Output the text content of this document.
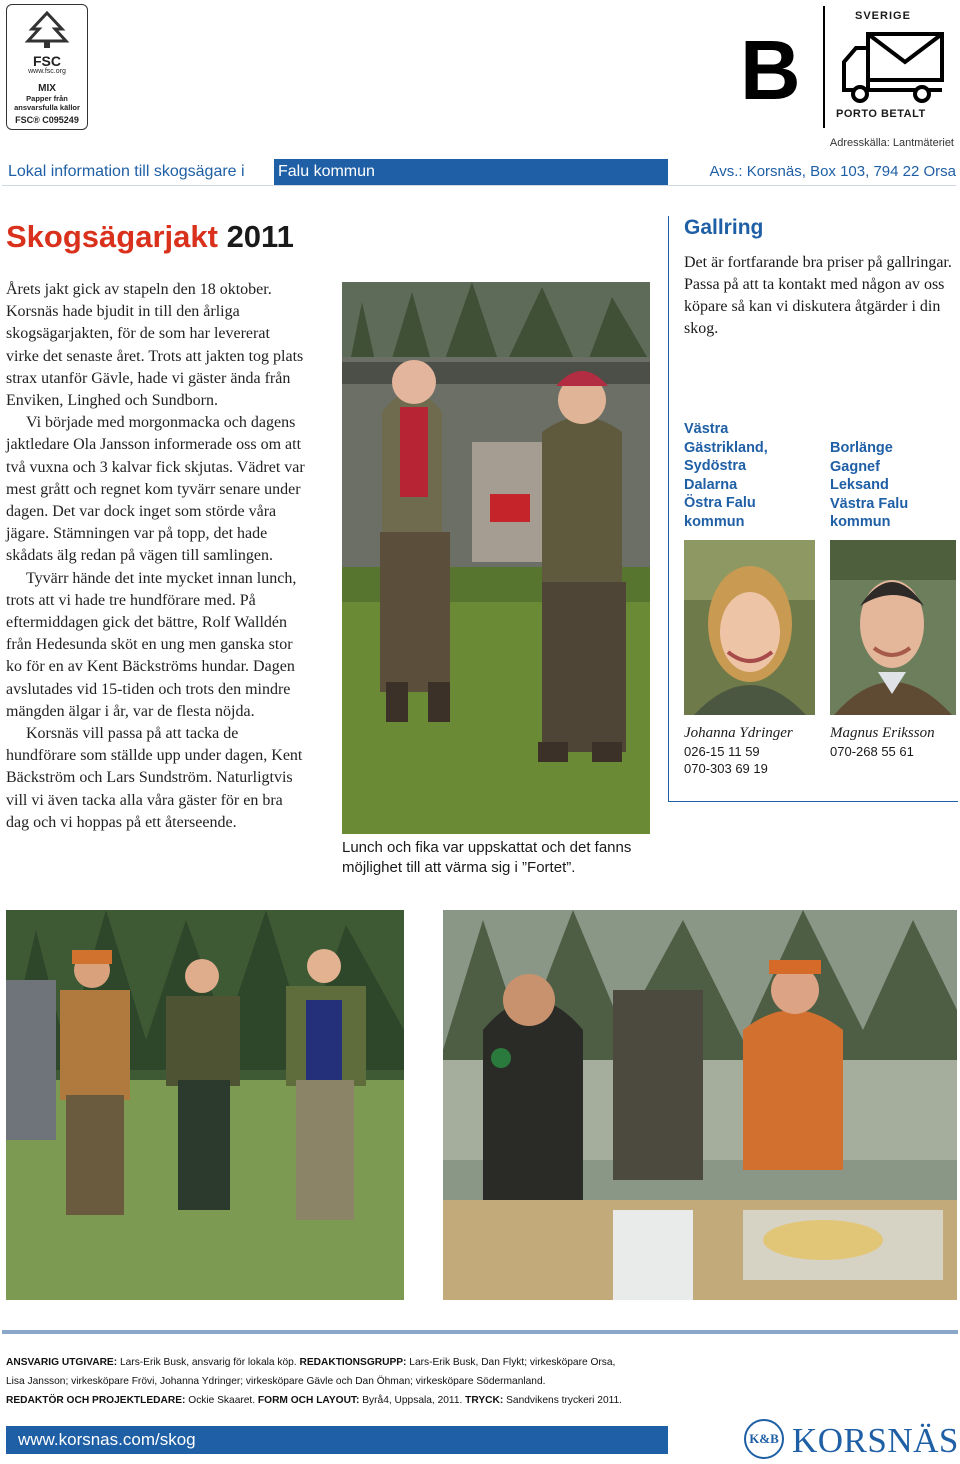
FSC
www.fsc.org
MIX
Papper från
ansvarsfulla källor
FSC® C095249
B
SVERIGE
PORTO BETALT
Adresskälla: Lantmäteriet
Lokal information till skogsägare i Falu kommun	Avs.: Korsnäs, Box 103, 794 22 Orsa
Skogsägarjakt 2011

Årets jakt gick av stapeln den 18 oktober. Korsnäs hade bjudit in till den årliga skogsägarjakten, för de som har levererat virke det senaste året. Trots att jakten tog plats strax utanför Gävle, hade vi gäster ända från Enviken, Linghed och Sundborn.

Vi började med morgonmacka och dagens jaktledare Ola Jansson informerade oss om att två vuxna och 3 kalvar fick skjutas. Vädret var mest grått och regnet kom tyvärr senare under dagen. Det var dock inget som störde våra jägare. Stämningen var på topp, det hade skådats älg redan på vägen till samlingen.

Tyvärr hände det inte mycket innan lunch, trots att vi hade tre hundförare med. På eftermiddagen gick det bättre, Rolf Walldén från Hedesunda sköt en ung men ganska stor ko för en av Kent Bäckströms hundar. Dagen avslutades vid 15-tiden och trots den mindre mängden älgar i år, var de flesta nöjda.

Korsnäs vill passa på att tacka de hundförare som ställde upp under dagen, Kent Bäckström och Lars Sundström. Naturligtvis vill vi även tacka alla våra gäster för en bra dag och vi hoppas på ett återseende.

Lunch och fika var uppskattat och det fanns möjlighet till att värma sig i ”Fortet”.
Gallring
Det är fortfarande bra priser på gallringar. Passa på att ta kontakt med någon av oss köpare så kan vi diskutera åtgärder i din skog.
Västra
Gästrikland,
Sydöstra
Dalarna
Östra Falu
kommun
Borlänge
Gagnef
Leksand
Västra Falu
kommun
Johanna Ydringer
026-15 11 59
070-303 69 19
Magnus Eriksson
070-268 55 61
ANSVARIG UTGIVARE: Lars-Erik Busk, ansvarig för lokala köp. REDAKTIONSGRUPP: Lars-Erik Busk, Dan Flykt; virkesköpare Orsa,
Lisa Jansson; virkesköpare Frövi, Johanna Ydringer; virkesköpare Gävle och Dan Öhman; virkesköpare Södermanland.
REDAKTÖR OCH PROJEKTLEDARE: Ockie Skaaret. FORM OCH LAYOUT: Byrå4, Uppsala, 2011. TRYCK: Sandvikens tryckeri 2011.
www.korsnas.com/skog	K&B KORSNÄS
